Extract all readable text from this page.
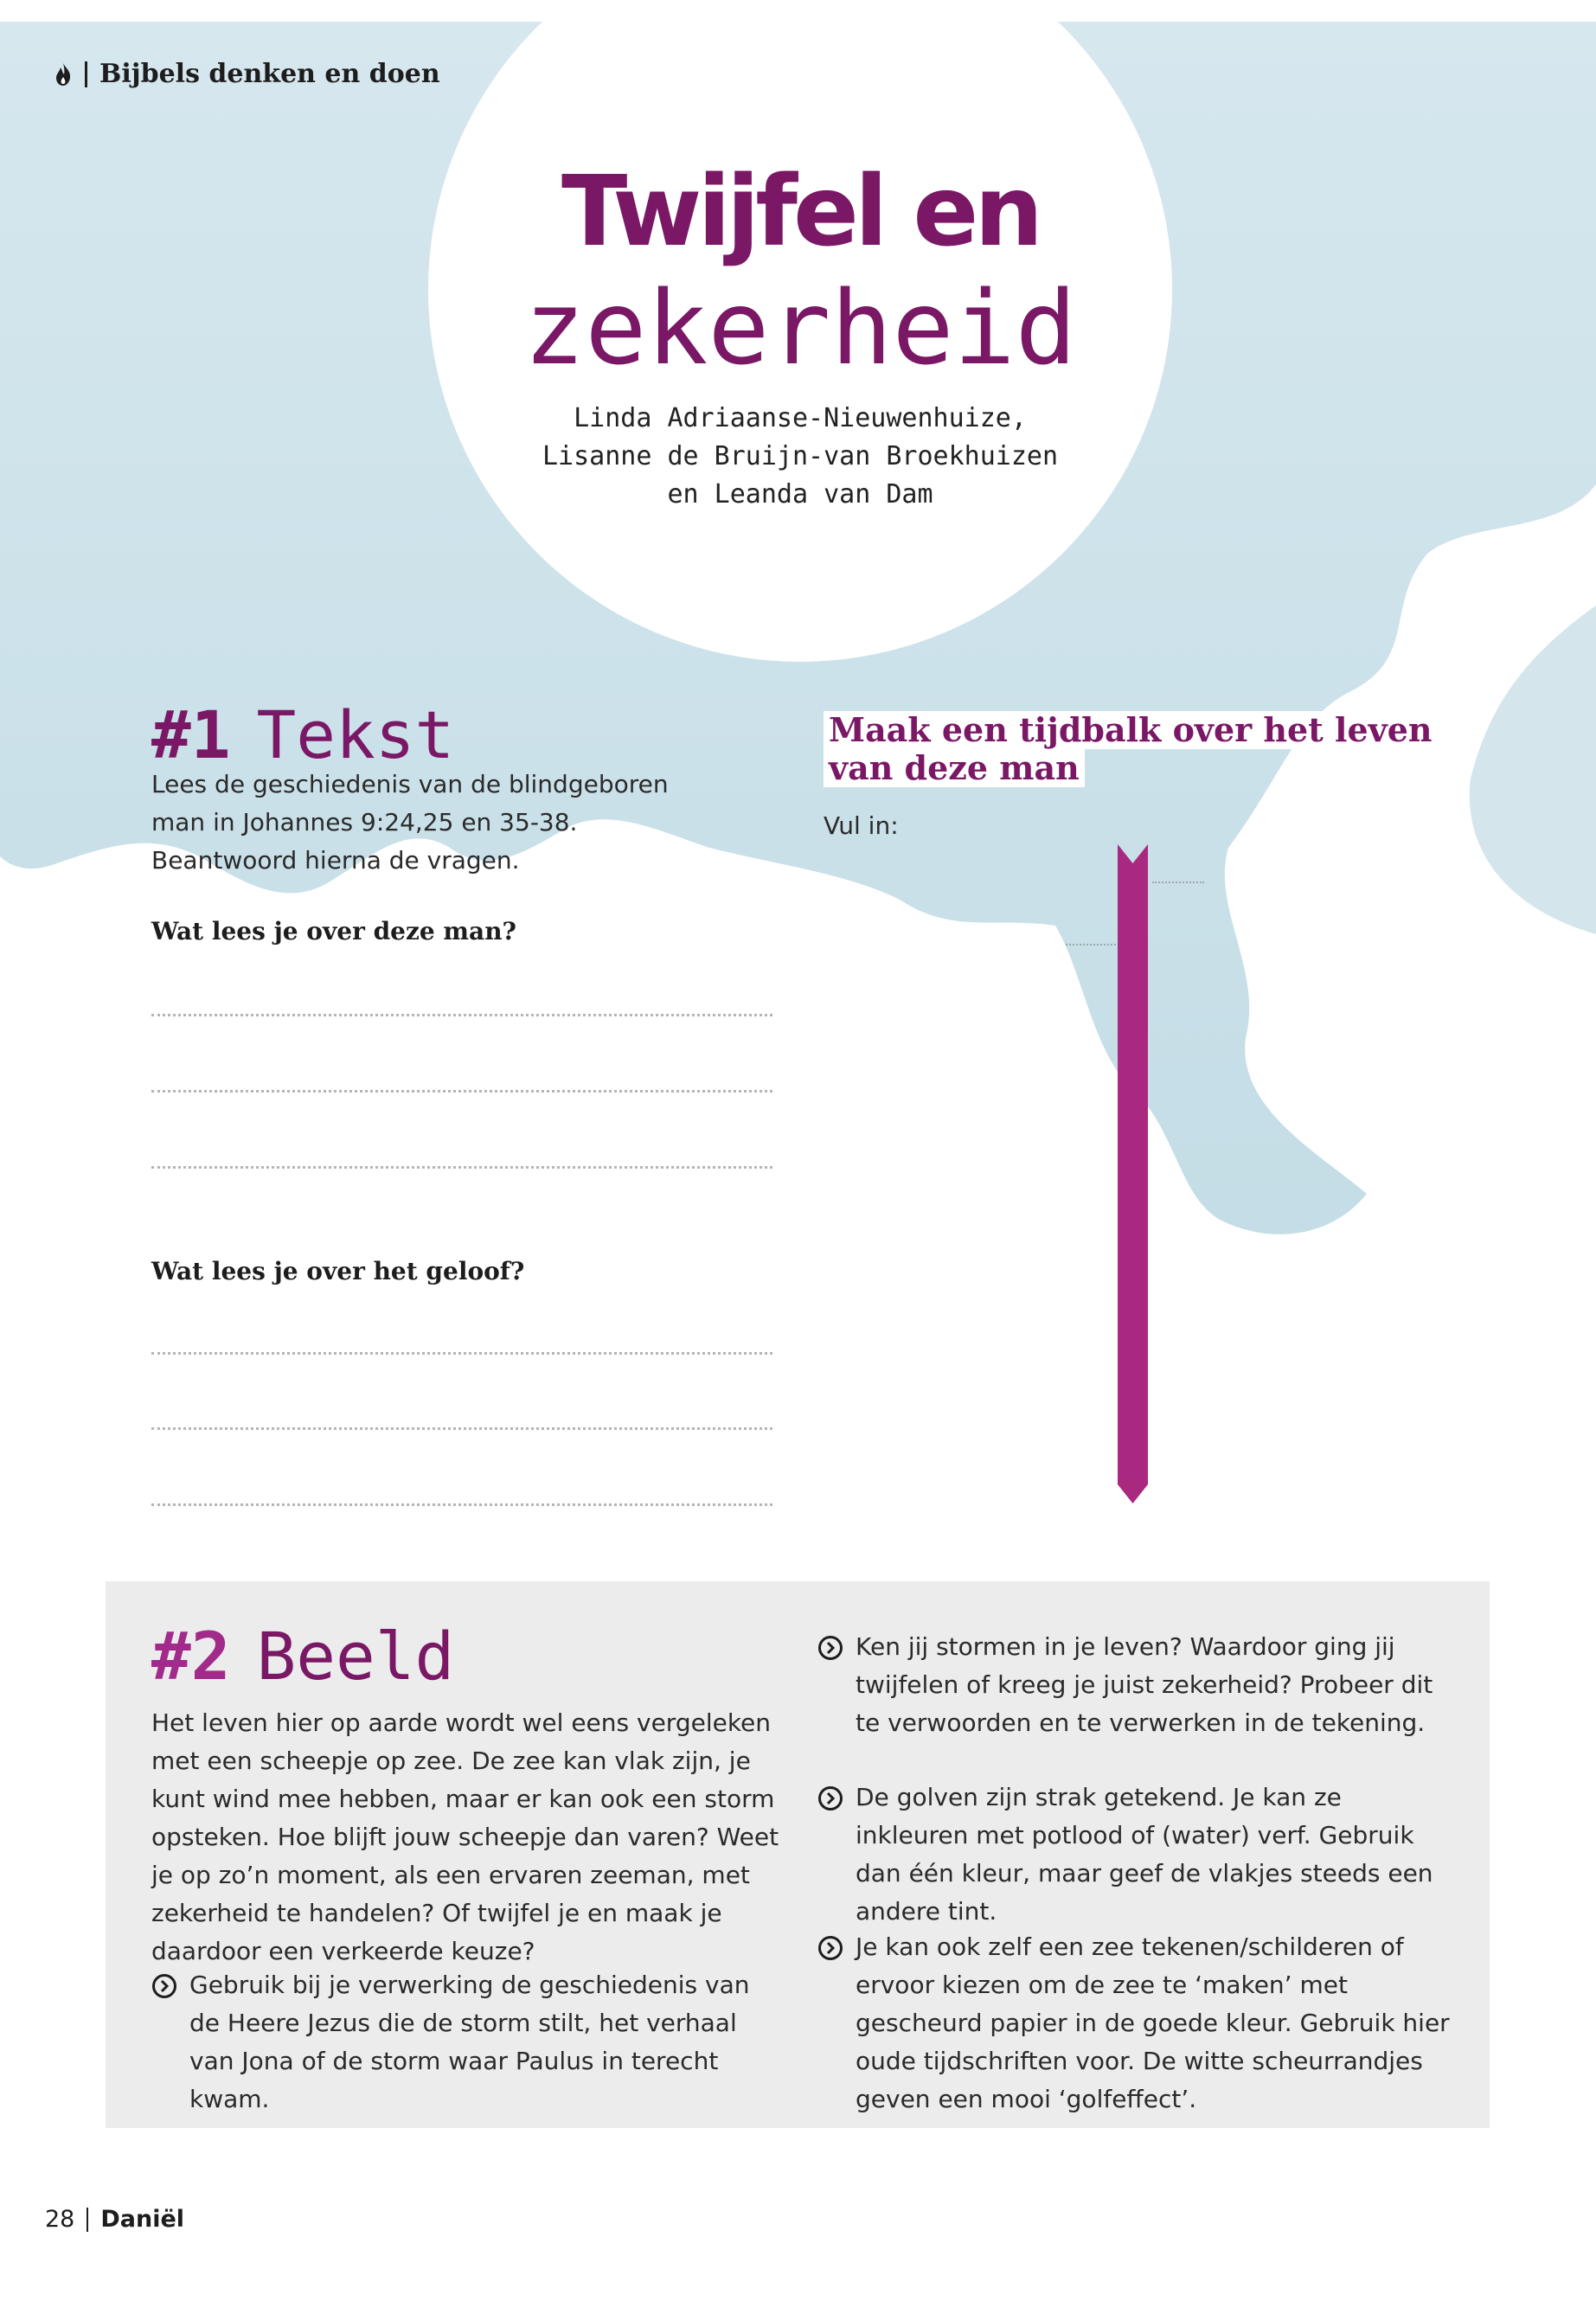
Bijbels denken en doen
Twijfel en
zekerheid
Linda Adriaanse-Nieuwenhuize,
Lisanne de Bruijn-van Broekhuizen
en Leanda van Dam
#1 Tekst
Lees de geschiedenis van de blindgeboren man in Johannes 9:24,25 en 35-38. Beantwoord hierna de vragen.
Wat lees je over deze man?
Wat lees je over het geloof?
Maak een tijdbalk over het leven
van deze man
Vul in:
#2 Beeld
Het leven hier op aarde wordt wel eens vergeleken met een scheepje op zee. De zee kan vlak zijn, je kunt wind mee hebben, maar er kan ook een storm opsteken. Hoe blijft jouw scheepje dan varen? Weet je op zo’n moment, als een ervaren zeeman, met zekerheid te handelen? Of twijfel je en maak je daardoor een verkeerde keuze?
Gebruik bij je verwerking de geschiedenis van de Heere Jezus die de storm stilt, het verhaal van Jona of de storm waar Paulus in terecht kwam.
Ken jij stormen in je leven? Waardoor ging jij twijfelen of kreeg je juist zekerheid? Probeer dit te verwoorden en te verwerken in de tekening.
De golven zijn strak getekend. Je kan ze inkleuren met potlood of (water) verf. Gebruik dan één kleur, maar geef de vlakjes steeds een andere tint.
Je kan ook zelf een zee tekenen/schilderen of ervoor kiezen om de zee te ‘maken’ met gescheurd papier in de goede kleur. Gebruik hier oude tijdschriften voor. De witte scheurrandjes geven een mooi ‘golfeffect’.
28 Daniël
